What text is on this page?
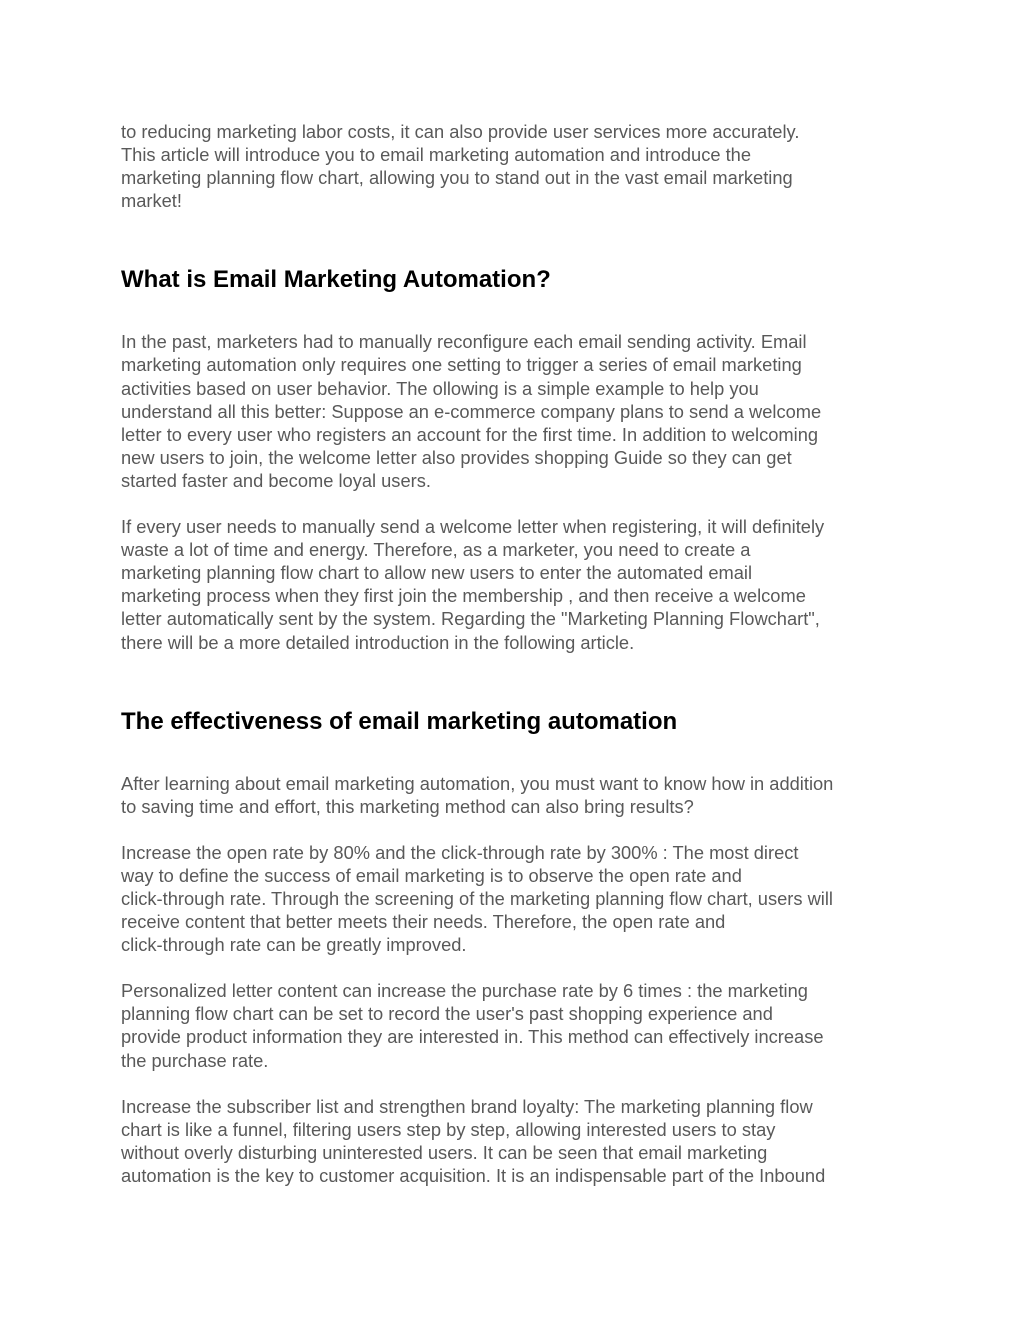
to reducing marketing labor costs, it can also provide user services more accurately.
This article will introduce you to email marketing automation and introduce the
marketing planning flow chart, allowing you to stand out in the vast email marketing
market!

What is Email Marketing Automation?

In the past, marketers had to manually reconfigure each email sending activity. Email
marketing automation only requires one setting to trigger a series of email marketing
activities based on user behavior. The ollowing is a simple example to help you
understand all this better: Suppose an e-commerce company plans to send a welcome
letter to every user who registers an account for the first time. In addition to welcoming
new users to join, the welcome letter also provides shopping Guide so they can get
started faster and become loyal users.

If every user needs to manually send a welcome letter when registering, it will definitely
waste a lot of time and energy. Therefore, as a marketer, you need to create a
marketing planning flow chart to allow new users to enter the automated email
marketing process when they first join the membership , and then receive a welcome
letter automatically sent by the system. Regarding the "Marketing Planning Flowchart",
there will be a more detailed introduction in the following article.

The effectiveness of email marketing automation

After learning about email marketing automation, you must want to know how in addition
to saving time and effort, this marketing method can also bring results?

Increase the open rate by 80% and the click-through rate by 300% : The most direct
way to define the success of email marketing is to observe the open rate and
click-through rate. Through the screening of the marketing planning flow chart, users will
receive content that better meets their needs. Therefore, the open rate and
click-through rate can be greatly improved.

Personalized letter content can increase the purchase rate by 6 times : the marketing
planning flow chart can be set to record the user's past shopping experience and
provide product information they are interested in. This method can effectively increase
the purchase rate.

Increase the subscriber list and strengthen brand loyalty: The marketing planning flow
chart is like a funnel, filtering users step by step, allowing interested users to stay
without overly disturbing uninterested users. It can be seen that email marketing
automation is the key to customer acquisition. It is an indispensable part of the Inbound
